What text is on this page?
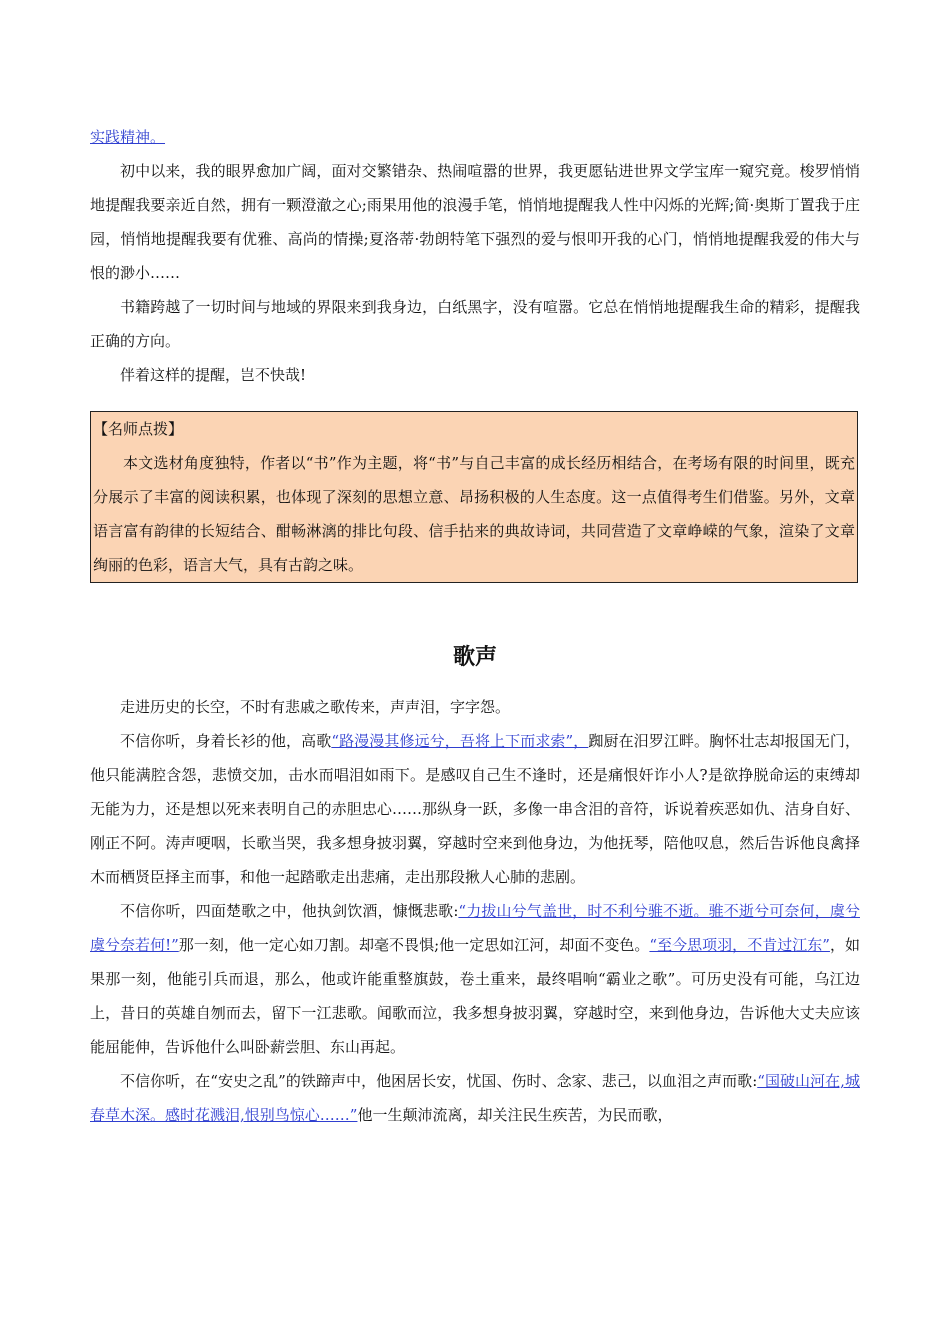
实践精神。

初中以来，我的眼界愈加广阔，面对交繁错杂、热闹喧嚣的世界，我更愿钻进世界文学宝库一窥究竟。梭罗悄悄地提醒我要亲近自然，拥有一颗澄澈之心;雨果用他的浪漫手笔，悄悄地提醒我人性中闪烁的光辉;简·奥斯丁置我于庄园，悄悄地提醒我要有优雅、高尚的情操;夏洛蒂·勃朗特笔下强烈的爱与恨叩开我的心门，悄悄地提醒我爱的伟大与恨的渺小……

书籍跨越了一切时间与地域的界限来到我身边，白纸黑字，没有喧嚣。它总在悄悄地提醒我生命的精彩，提醒我正确的方向。

伴着这样的提醒，岂不快哉!

【名师点拨】

本文选材角度独特，作者以“书”作为主题，将“书”与自己丰富的成长经历相结合，在考场有限的时间里，既充分展示了丰富的阅读积累，也体现了深刻的思想立意、昂扬积极的人生态度。这一点值得考生们借鉴。另外，文章语言富有韵律的长短结合、酣畅淋漓的排比句段、信手拈来的典故诗词，共同营造了文章峥嵘的气象，渲染了文章绚丽的色彩，语言大气，具有古韵之味。

歌声

走进历史的长空，不时有悲戚之歌传来，声声泪，字字怨。

不信你听，身着长衫的他，高歌“路漫漫其修远兮，吾将上下而求索”，踟厨在汨罗江畔。胸怀壮志却报国无门，他只能满腔含怨，悲愤交加，击水而唱泪如雨下。是感叹自己生不逢时，还是痛恨奸诈小人?是欲挣脱命运的束缚却无能为力，还是想以死来表明自己的赤胆忠心……那纵身一跃，多像一串含泪的音符，诉说着疾恶如仇、洁身自好、刚正不阿。涛声哽咽，长歌当哭，我多想身披羽翼，穿越时空来到他身边，为他抚琴，陪他叹息，然后告诉他良禽择木而栖贤臣择主而事，和他一起踏歌走出悲痛，走出那段揪人心肺的悲剧。

不信你听，四面楚歌之中，他执剑饮酒，慷慨悲歌:“力拔山兮气盖世，时不利兮骓不逝。骓不逝兮可奈何，虞兮虞兮奈若何!”那一刻，他一定心如刀割。却毫不畏惧;他一定思如江河，却面不变色。“至今思项羽，不肯过江东”，如果那一刻，他能引兵而退，那么，他或许能重整旗鼓，卷土重来，最终唱响“霸业之歌”。可历史没有可能，乌江边上，昔日的英雄自刎而去，留下一江悲歌。闻歌而泣，我多想身披羽翼，穿越时空，来到他身边，告诉他大丈夫应该能屈能伸，告诉他什么叫卧薪尝胆、东山再起。

不信你听，在“安史之乱”的铁蹄声中，他困居长安，忧国、伤时、念家、悲己，以血泪之声而歌:“国破山河在,城春草木深。感时花溅泪,恨别鸟惊心……”他一生颠沛流离，却关注民生疾苦，为民而歌，
